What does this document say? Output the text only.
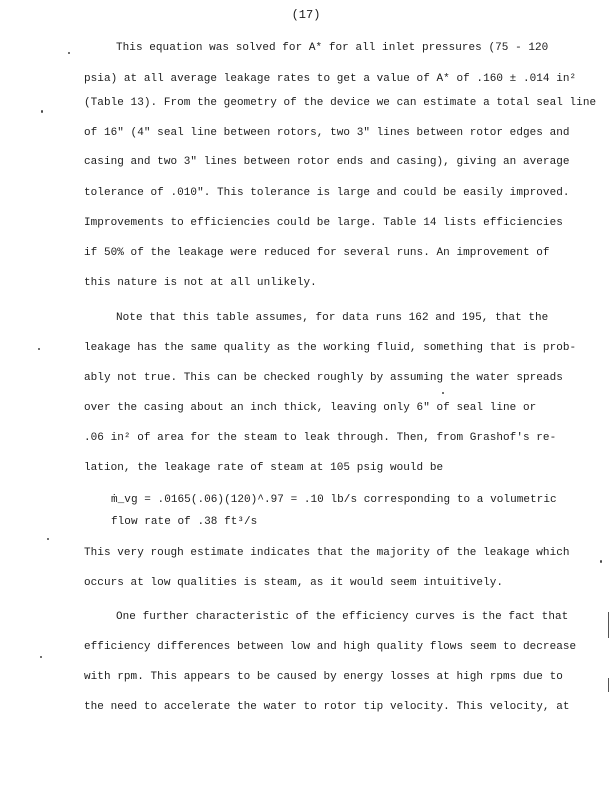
(17)
This equation was solved for A* for all inlet pressures (75 - 120
psia) at all average leakage rates to get a value of A* of .160 ± .014 in²
(Table 13). From the geometry of the device we can estimate a total seal line
of 16" (4" seal line between rotors, two 3" lines between rotor edges and
casing and two 3" lines between rotor ends and casing), giving an average
tolerance of .010". This tolerance is large and could be easily improved.
Improvements to efficiencies could be large. Table 14 lists efficiencies
if 50% of the leakage were reduced for several runs. An improvement of
this nature is not at all unlikely.
Note that this table assumes, for data runs 162 and 195, that the
leakage has the same quality as the working fluid, something that is prob-
ably not true. This can be checked roughly by assuming the water spreads
over the casing about an inch thick, leaving only 6" of seal line or
.06 in² of area for the steam to leak through. Then, from Grashof's re-
lation, the leakage rate of steam at 105 psig would be
ṁ_vg = .0165(.06)(120)^.97 = .10 lb/s corresponding to a volumetric
flow rate of .38 ft³/s
This very rough estimate indicates that the majority of the leakage which
occurs at low qualities is steam, as it would seem intuitively.
One further characteristic of the efficiency curves is the fact that
efficiency differences between low and high quality flows seem to decrease
with rpm. This appears to be caused by energy losses at high rpms due to
the need to accelerate the water to rotor tip velocity. This velocity, at
